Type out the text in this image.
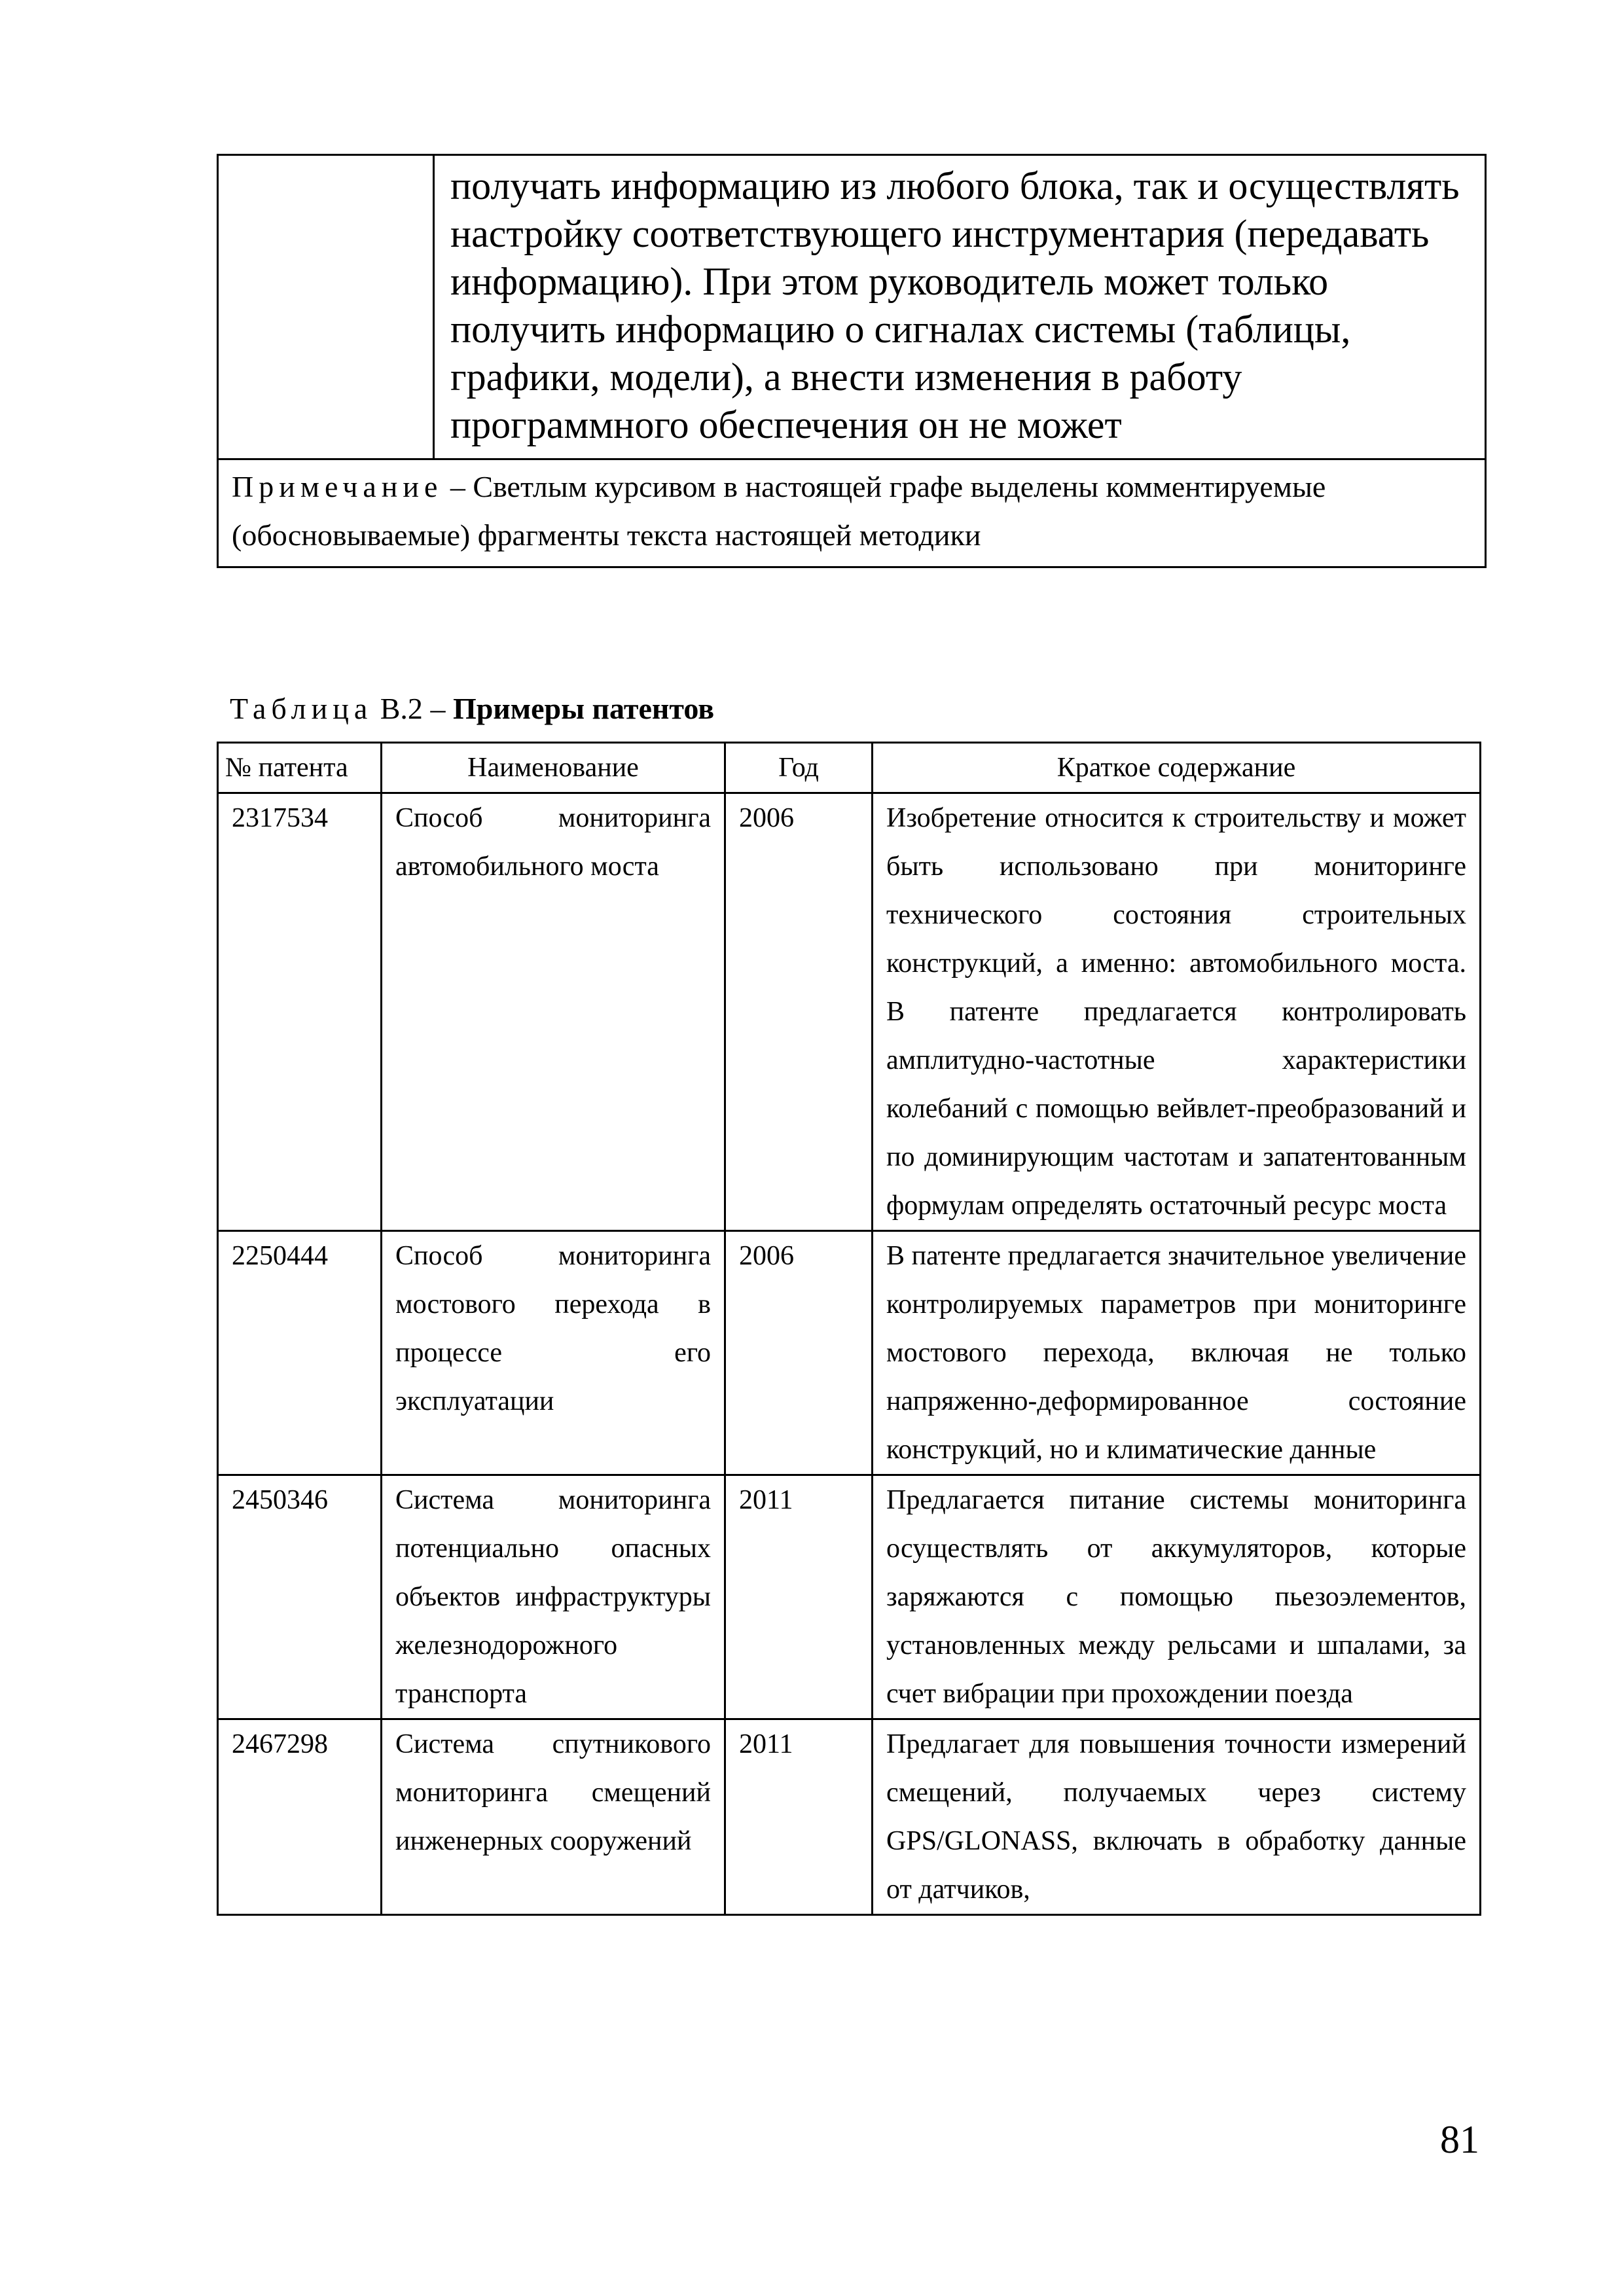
	получать информацию из любого блока, так и осуществлять настройку соответствующего инструментария (передавать информацию). При этом руководитель может только получить информацию о сигналах системы (таблицы, графики, модели), а внести изменения в работу программного обеспечения он не может
Примечание – Светлым курсивом в настоящей графе выделены комментируемые (обосновываемые) фрагменты текста настоящей методики
Таблица В.2 – Примеры патентов
№ патента	Наименование	Год	Краткое содержание
2317534	Способ мониторинга автомобильного моста	2006	Изобретение относится к строительству и может быть использовано при мониторинге технического состояния строительных конструкций, а именно: автомобильного моста. В патенте предлагается контролировать амплитудно-частотные характеристики колебаний с помощью вейвлет-преобразований и по доминирующим частотам и запатентованным формулам определять остаточный ресурс моста
2250444	Способ мониторинга мостового перехода в процессе его эксплуатации	2006	В патенте предлагается значительное увеличение контролируемых параметров при мониторинге мостового перехода, включая не только напряженно-деформированное состояние конструкций, но и климатические данные
2450346	Система мониторинга потенциально опасных объектов инфраструктуры железнодорожного транспорта	2011	Предлагается питание системы мониторинга осуществлять от аккумуляторов, которые заряжаются с помощью пьезоэлементов, установленных между рельсами и шпалами, за счет вибрации при прохождении поезда
2467298	Система спутникового мониторинга смещений инженерных сооружений	2011	Предлагает для повышения точности измерений смещений, получаемых через систему GPS/GLONASS, включать в обработку данные от датчиков,
81
